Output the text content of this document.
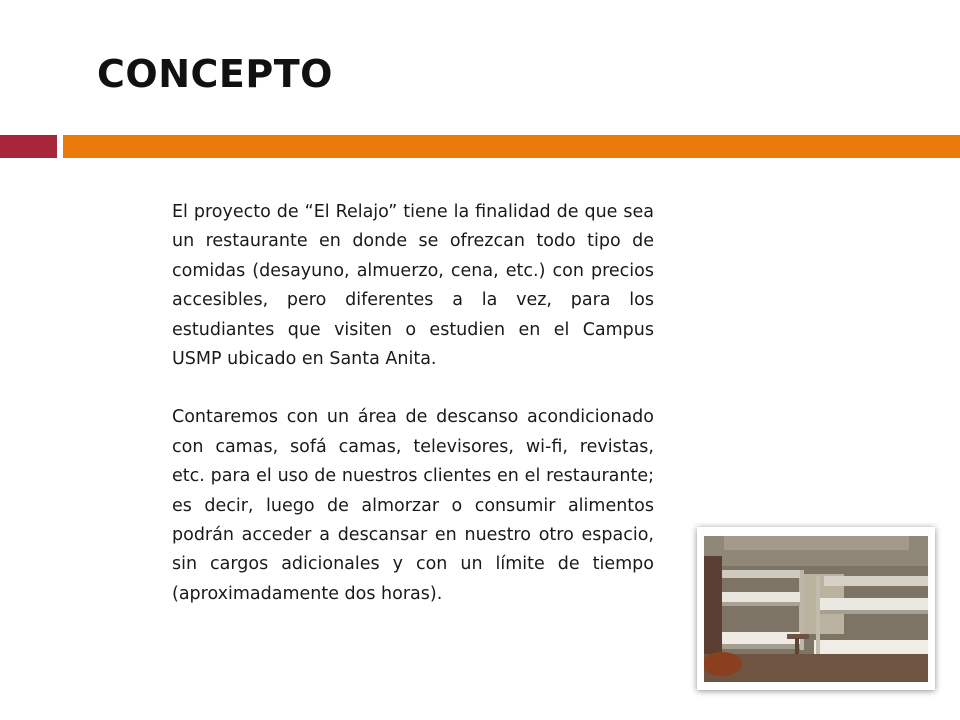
CONCEPTO

El proyecto de “El Relajo” tiene la finalidad de que sea un restaurante en donde se ofrezcan todo tipo de comidas (desayuno, almuerzo, cena, etc.) con precios accesibles, pero diferentes a la vez, para los estudiantes que visiten o estudien en el Campus USMP ubicado en Santa Anita.

Contaremos con un área de descanso acondicionado con camas, sofá camas, televisores, wi-fi, revistas, etc. para el uso de nuestros clientes en el restaurante; es decir, luego de almorzar o consumir alimentos podrán acceder a descansar en nuestro otro espacio, sin cargos adicionales y con un límite de tiempo (aproximadamente dos horas).
